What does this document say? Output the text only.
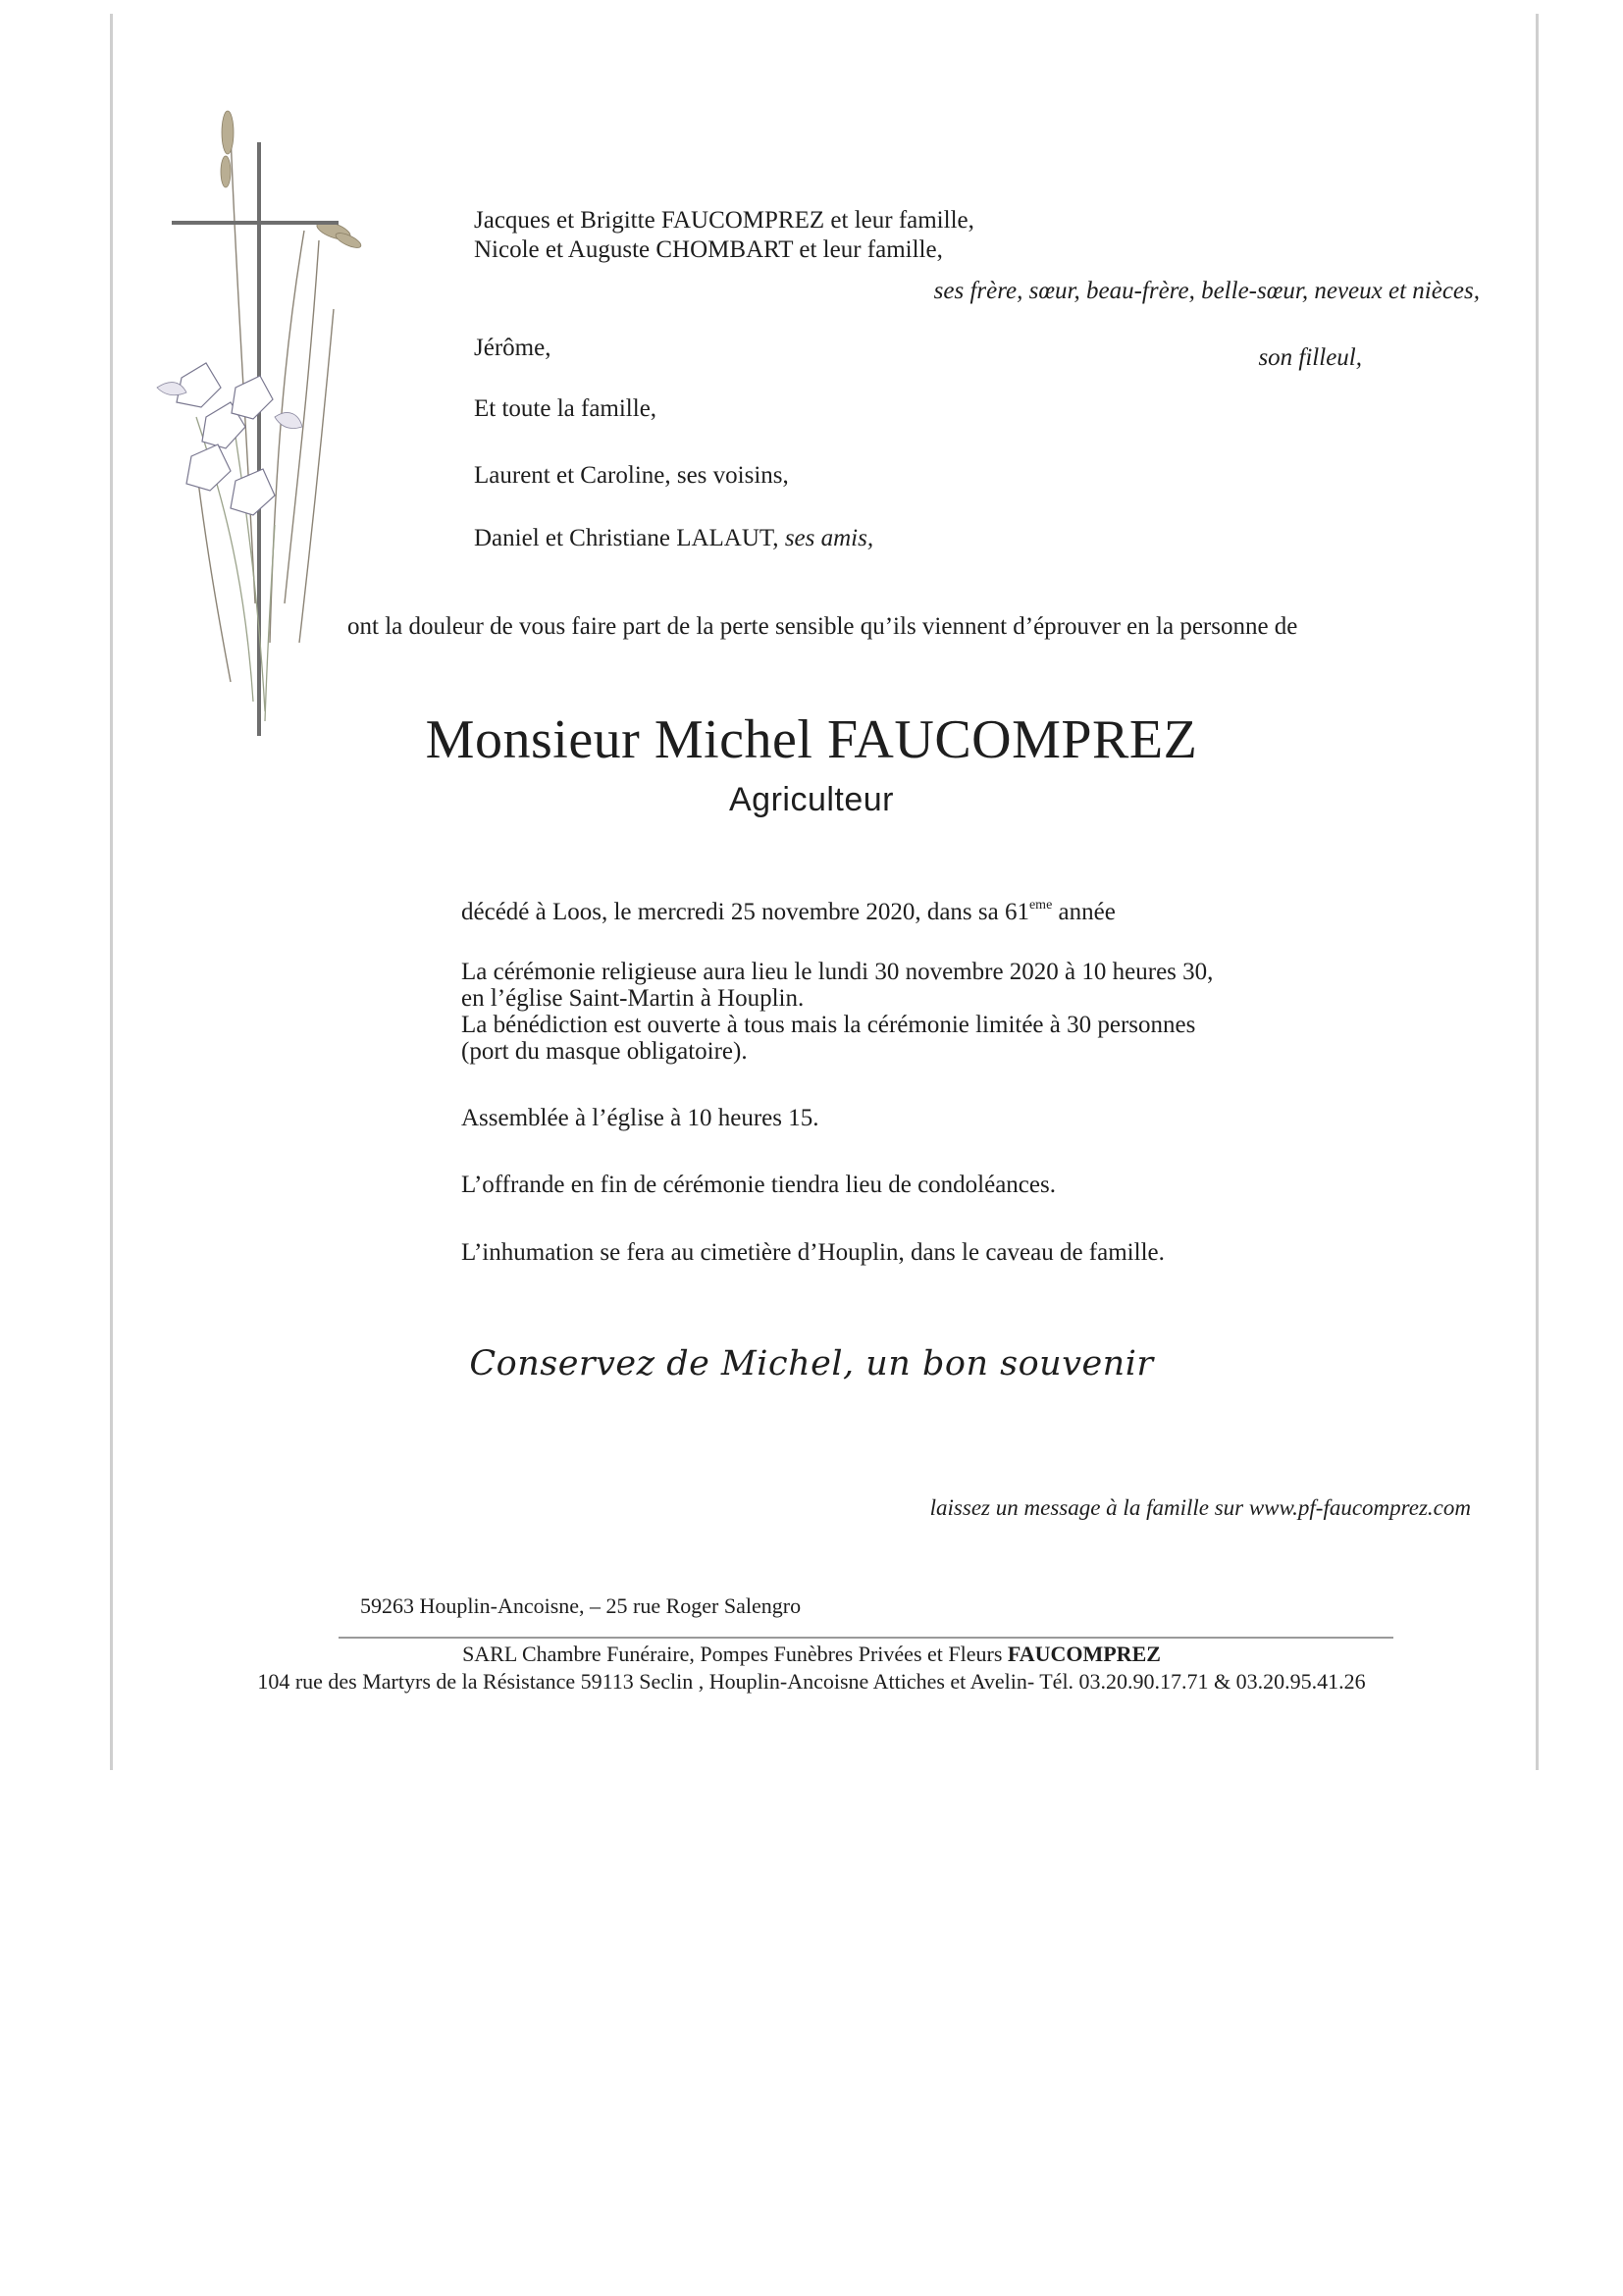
Jacques et Brigitte FAUCOMPREZ et leur famille,
Nicole et Auguste CHOMBART et leur famille,
ses frère, sœur, beau-frère, belle-sœur, neveux et nièces,
Jérôme,	son filleul,
Et toute la famille,
Laurent et Caroline, ses voisins,
Daniel et Christiane LALAUT, ses amis,
ont la douleur de vous faire part de la perte sensible qu’ils viennent d’éprouver en la personne de
Monsieur Michel FAUCOMPREZ
Agriculteur
décédé à Loos, le mercredi 25 novembre 2020, dans sa 61eme année
La cérémonie religieuse aura lieu le lundi 30 novembre 2020 à 10 heures 30,
en l’église Saint-Martin à Houplin.
La bénédiction est ouverte à tous mais la cérémonie limitée à 30 personnes
(port du masque obligatoire).
Assemblée à l’église à 10 heures 15.
L’offrande en fin de cérémonie tiendra lieu de condoléances.
L’inhumation se fera au cimetière d’Houplin, dans le caveau de famille.
Conservez de Michel, un bon souvenir
laissez un message à la famille sur www.pf-faucomprez.com
59263 Houplin-Ancoisne, – 25 rue Roger Salengro
SARL Chambre Funéraire, Pompes Funèbres Privées et Fleurs FAUCOMPREZ
104 rue des Martyrs de la Résistance 59113 Seclin , Houplin-Ancoisne Attiches et Avelin- Tél. 03.20.90.17.71 & 03.20.95.41.26
